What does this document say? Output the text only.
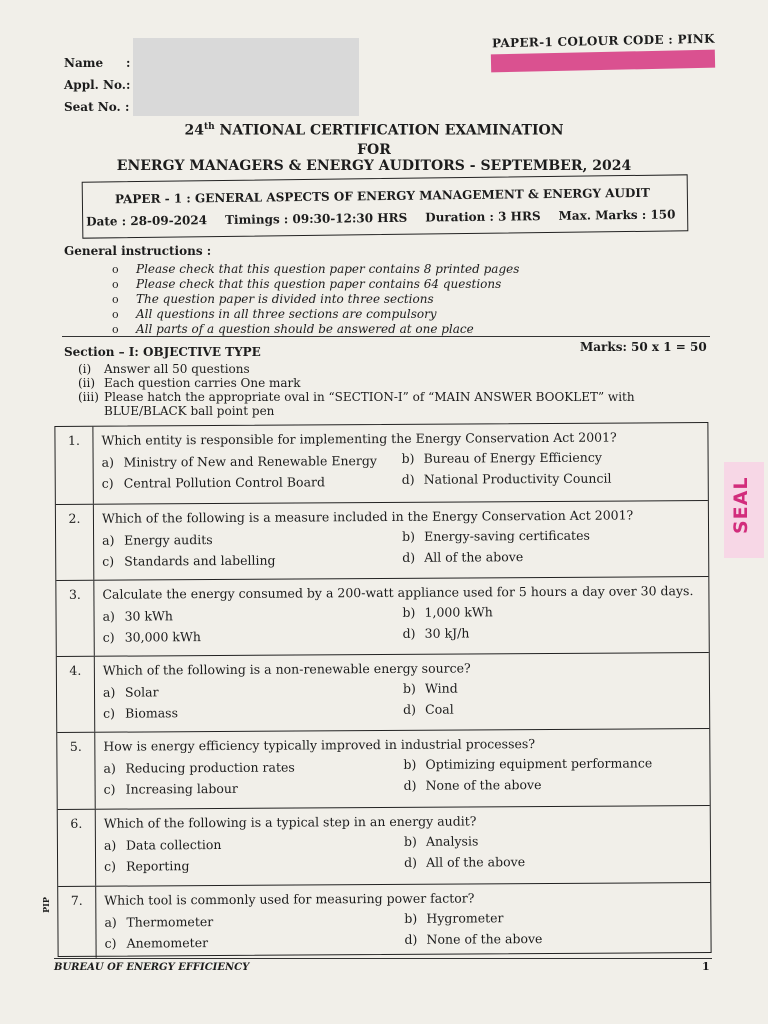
Name :
Appl. No.:
Seat No. :
PAPER-1 COLOUR CODE : PINK
24th NATIONAL CERTIFICATION EXAMINATION
FOR
ENERGY MANAGERS & ENERGY AUDITORS - SEPTEMBER, 2024
PAPER - 1 : GENERAL ASPECTS OF ENERGY MANAGEMENT & ENERGY AUDIT
Date : 28-09-2024 Timings : 09:30-12:30 HRS Duration : 3 HRS Max. Marks : 150
General instructions :
o	Please check that this question paper contains 8 printed pages
o	Please check that this question paper contains 64 questions
o	The question paper is divided into three sections
o	All questions in all three sections are compulsory
o	All parts of a question should be answered at one place
Section – I: OBJECTIVE TYPE	Marks: 50 x 1 = 50
(i)	Answer all 50 questions
(ii) Each question carries One mark
(iii) Please hatch the appropriate oval in “SECTION-I” of “MAIN ANSWER BOOKLET” with BLUE/BLACK ball point pen
1.	Which entity is responsible for implementing the Energy Conservation Act 2001?
a) Ministry of New and Renewable Energy b) Bureau of Energy Efficiency
c) Central Pollution Control Board	d) National Productivity Council
2.	Which of the following is a measure included in the Energy Conservation Act 2001?
a) Energy audits	b) Energy-saving certificates
c) Standards and labelling	d) All of the above
3.	Calculate the energy consumed by a 200-watt appliance used for 5 hours a day over 30 days.
a) 30 kWh	b) 1,000 kWh
c) 30,000 kWh	d) 30 kJ/h
4.	Which of the following is a non-renewable energy source?
a) Solar	b) Wind
c) Biomass	d) Coal
5.	How is energy efficiency typically improved in industrial processes?
a) Reducing production rates	b) Optimizing equipment performance
c) Increasing labour	d) None of the above
6.	Which of the following is a typical step in an energy audit?
a) Data collection	b) Analysis
c) Reporting	d) All of the above
7.	Which tool is commonly used for measuring power factor?
a) Thermometer	b) Hygrometer
c) Anemometer	d) None of the above
SEAL
PIP
BUREAU OF ENERGY EFFICIENCY	1
